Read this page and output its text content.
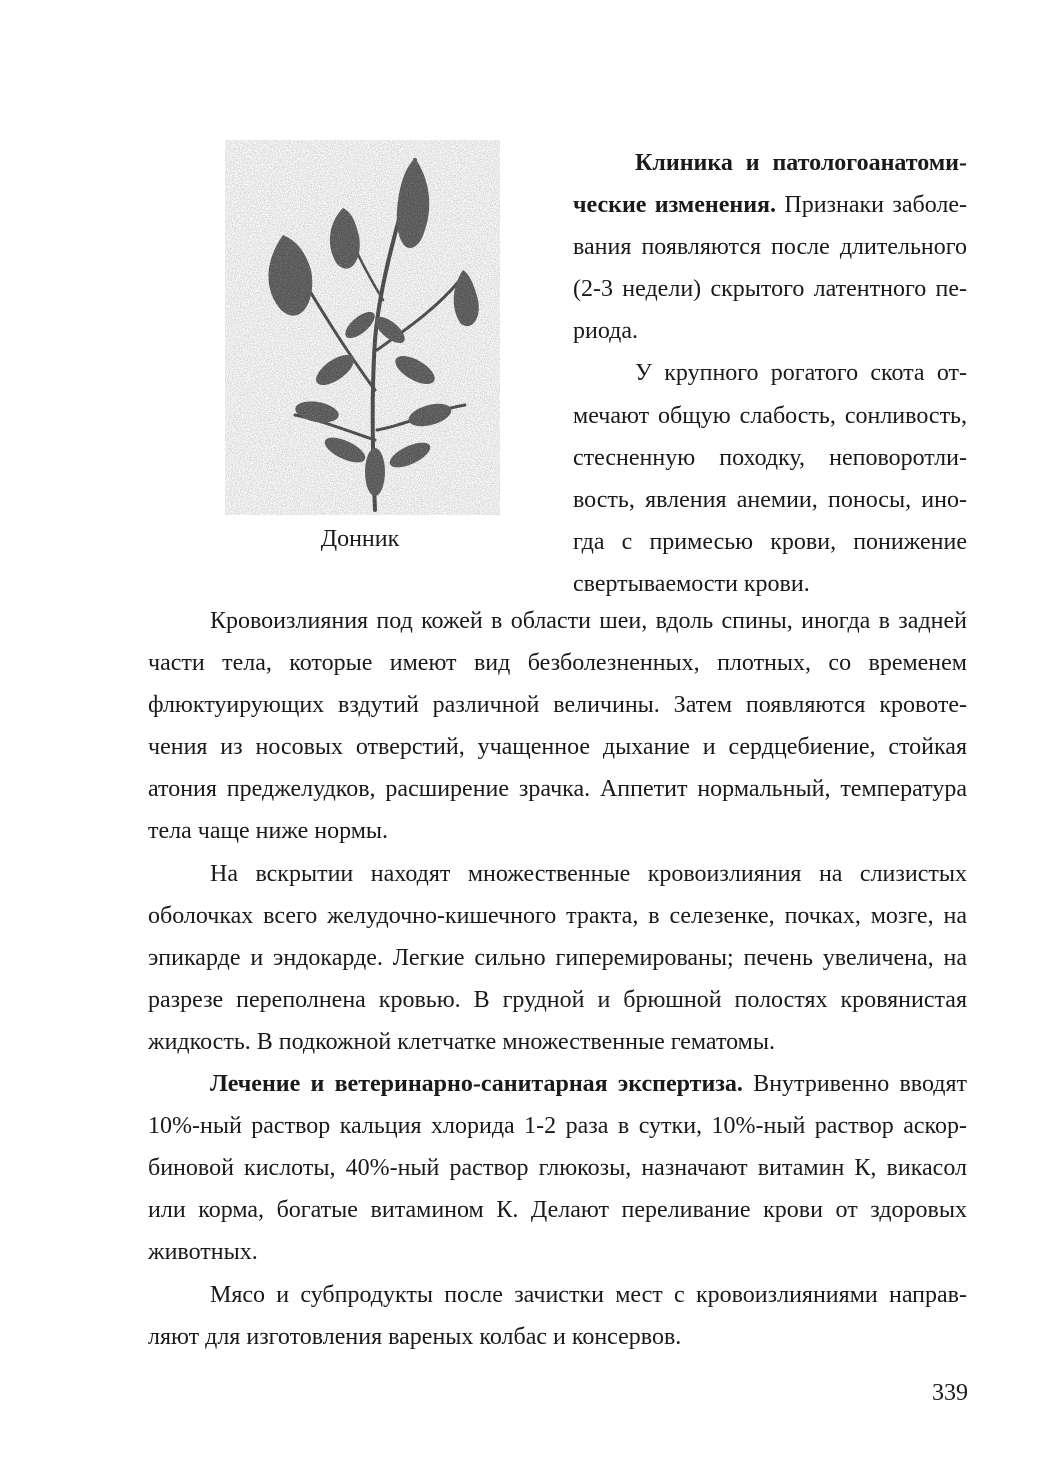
Донник

Клиника и патологоанатомические изменения. Признаки заболевания появляются после длительного (2-3 недели) скрытого латентного периода.

У крупного рогатого скота отмечают общую слабость, сонливость, стесненную походку, неповоротливость, явления анемии, поносы, иногда с примесью крови, понижение свертываемости крови.

Кровоизлияния под кожей в области шеи, вдоль спины, иногда в задней части тела, которые имеют вид безболезненных, плотных, со временем флюктуирующих вздутий различной величины. Затем появляются кровотечения из носовых отверстий, учащенное дыхание и сердцебиение, стойкая атония преджелудков, расширение зрачка. Аппетит нормальный, температура тела чаще ниже нормы.

На вскрытии находят множественные кровоизлияния на слизистых оболочках всего желудочно-кишечного тракта, в селезенке, почках, мозге, на эпикарде и эндокарде. Легкие сильно гиперемированы; печень увеличена, на разрезе переполнена кровью. В грудной и брюшной полостях кровянистая жидкость. В подкожной клетчатке множественные гематомы.

Лечение и ветеринарно-санитарная экспертиза. Внутривенно вводят 10%-ный раствор кальция хлорида 1-2 раза в сутки, 10%-ный раствор аскорбиновой кислоты, 40%-ный раствор глюкозы, назначают витамин К, викасол или корма, богатые витамином К. Делают переливание крови от здоровых животных.

Мясо и субпродукты после зачистки мест с кровоизлияниями направляют для изготовления вареных колбас и консервов.

339
